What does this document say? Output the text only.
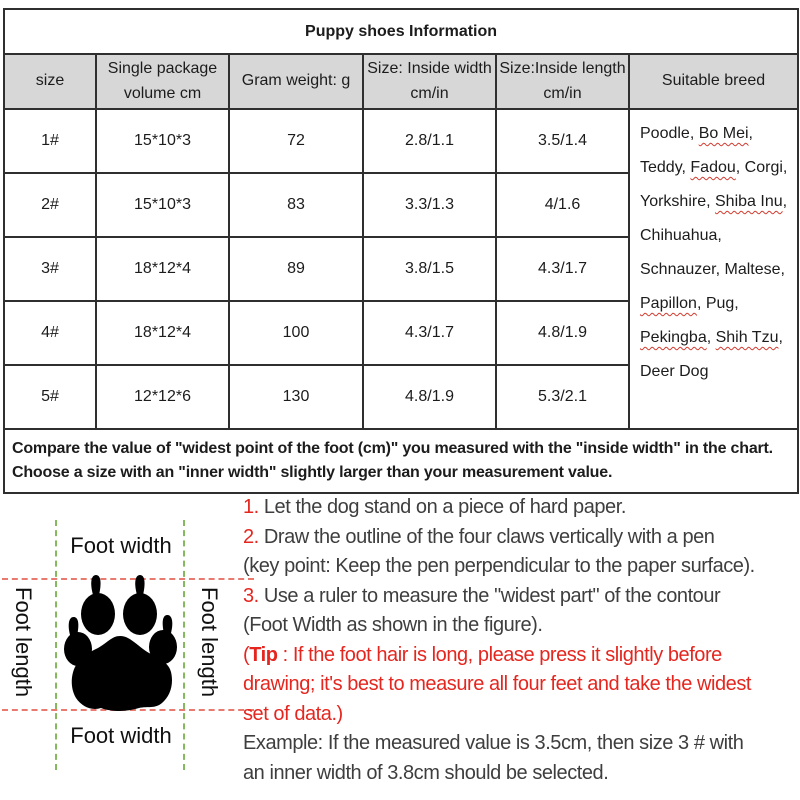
Puppy shoes Information					
size	Single package volume cm	Gram weight: g	Size: Inside width cm/in	Size:Inside length cm/in	Suitable breed
1#	15*10*3	72	2.8/1.1	3.5/1.4	Poodle, Bo Mei,
Teddy, Fadou, Corgi,
Yorkshire, Shiba Inu,
Chihuahua,
Schnauzer, Maltese,
Papillon, Pug,
Pekingba, Shih Tzu,
Deer Dog

2#	15*10*3	83	3.3/1.3	4/1.6	
3#	18*12*4	89	3.8/1.5	4.3/1.7	
4#	18*12*4	100	4.3/1.7	4.8/1.9	
5#	12*12*6	130	4.8/1.9	5.3/2.1	
Compare the value of "widest point of the foot (cm)" you measured with the "inside width" in the chart. Choose a size with an "inner width" slightly larger than your measurement value.					
Foot width
Foot width
Foot length	Foot length
1. Let the dog stand on a piece of hard paper.
2. Draw the outline of the four claws vertically with a pen
(key point: Keep the pen perpendicular to the paper surface).
3. Use a ruler to measure the "widest part" of the contour
(Foot Width as shown in the figure).
(Tip : If the foot hair is long, please press it slightly before
drawing; it's best to measure all four feet and take the widest
set of data.)
Example: If the measured value is 3.5cm, then size 3 # with
an inner width of 3.8cm should be selected.
